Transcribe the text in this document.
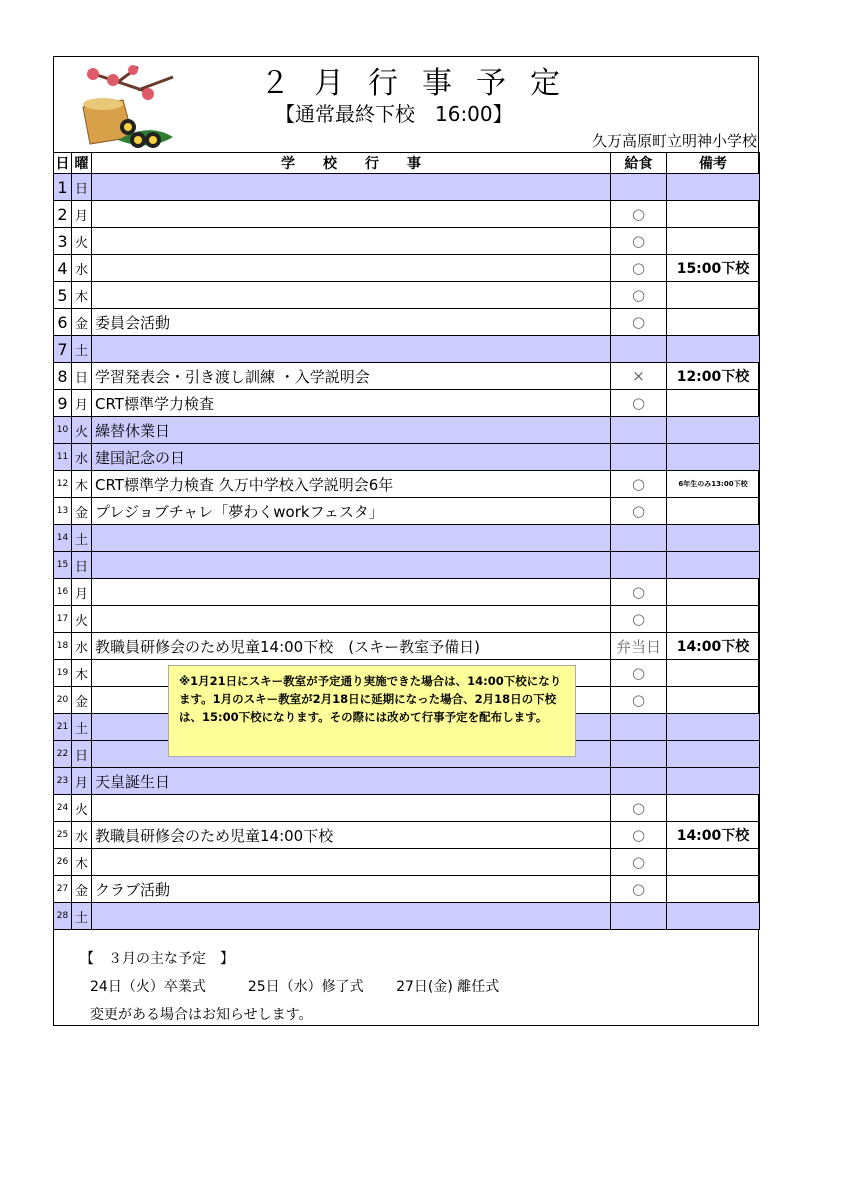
２月行事予定
【通常最終下校　16:00】
久万高原町立明神小学校
日	曜	学　　校　　行　　事	給食	備考
1	日			
2	月		○	
3	火		○	
4	水		○	15:00下校
5	木		○	
6	金	委員会活動	○	
7	土			
8	日	学習発表会・引き渡し訓練 ・入学説明会	×	12:00下校
9	月	CRT標準学力検査	○	
10	火	繰替休業日		
11	水	建国記念の日		
12	木	CRT標準学力検査 久万中学校入学説明会6年	○	6年生のみ13:00下校
13	金	プレジョブチャレ「夢わくworkフェスタ」	○	
14	土			
15	日			
16	月		○	
17	火		○	
18	水	教職員研修会のため児童14:00下校　(スキー教室予備日)	弁当日	14:00下校
19	木		○	
20	金		○	
21	土			
22	日			
23	月	天皇誕生日		
24	火		○	
25	水	教職員研修会のため児童14:00下校	○	14:00下校
26	木		○	
27	金	クラブ活動	○	
28	土			
※1月21日にスキー教室が予定通り実施できた場合は、14:00下校になります。1月のスキー教室が2月18日に延期になった場合、2月18日の下校は、15:00下校になります。その際には改めて行事予定を配布します。
【　３月の主な予定　】
24日（火）卒業式　　　25日（水）修了式　　 27日(金) 離任式
変更がある場合はお知らせします。
